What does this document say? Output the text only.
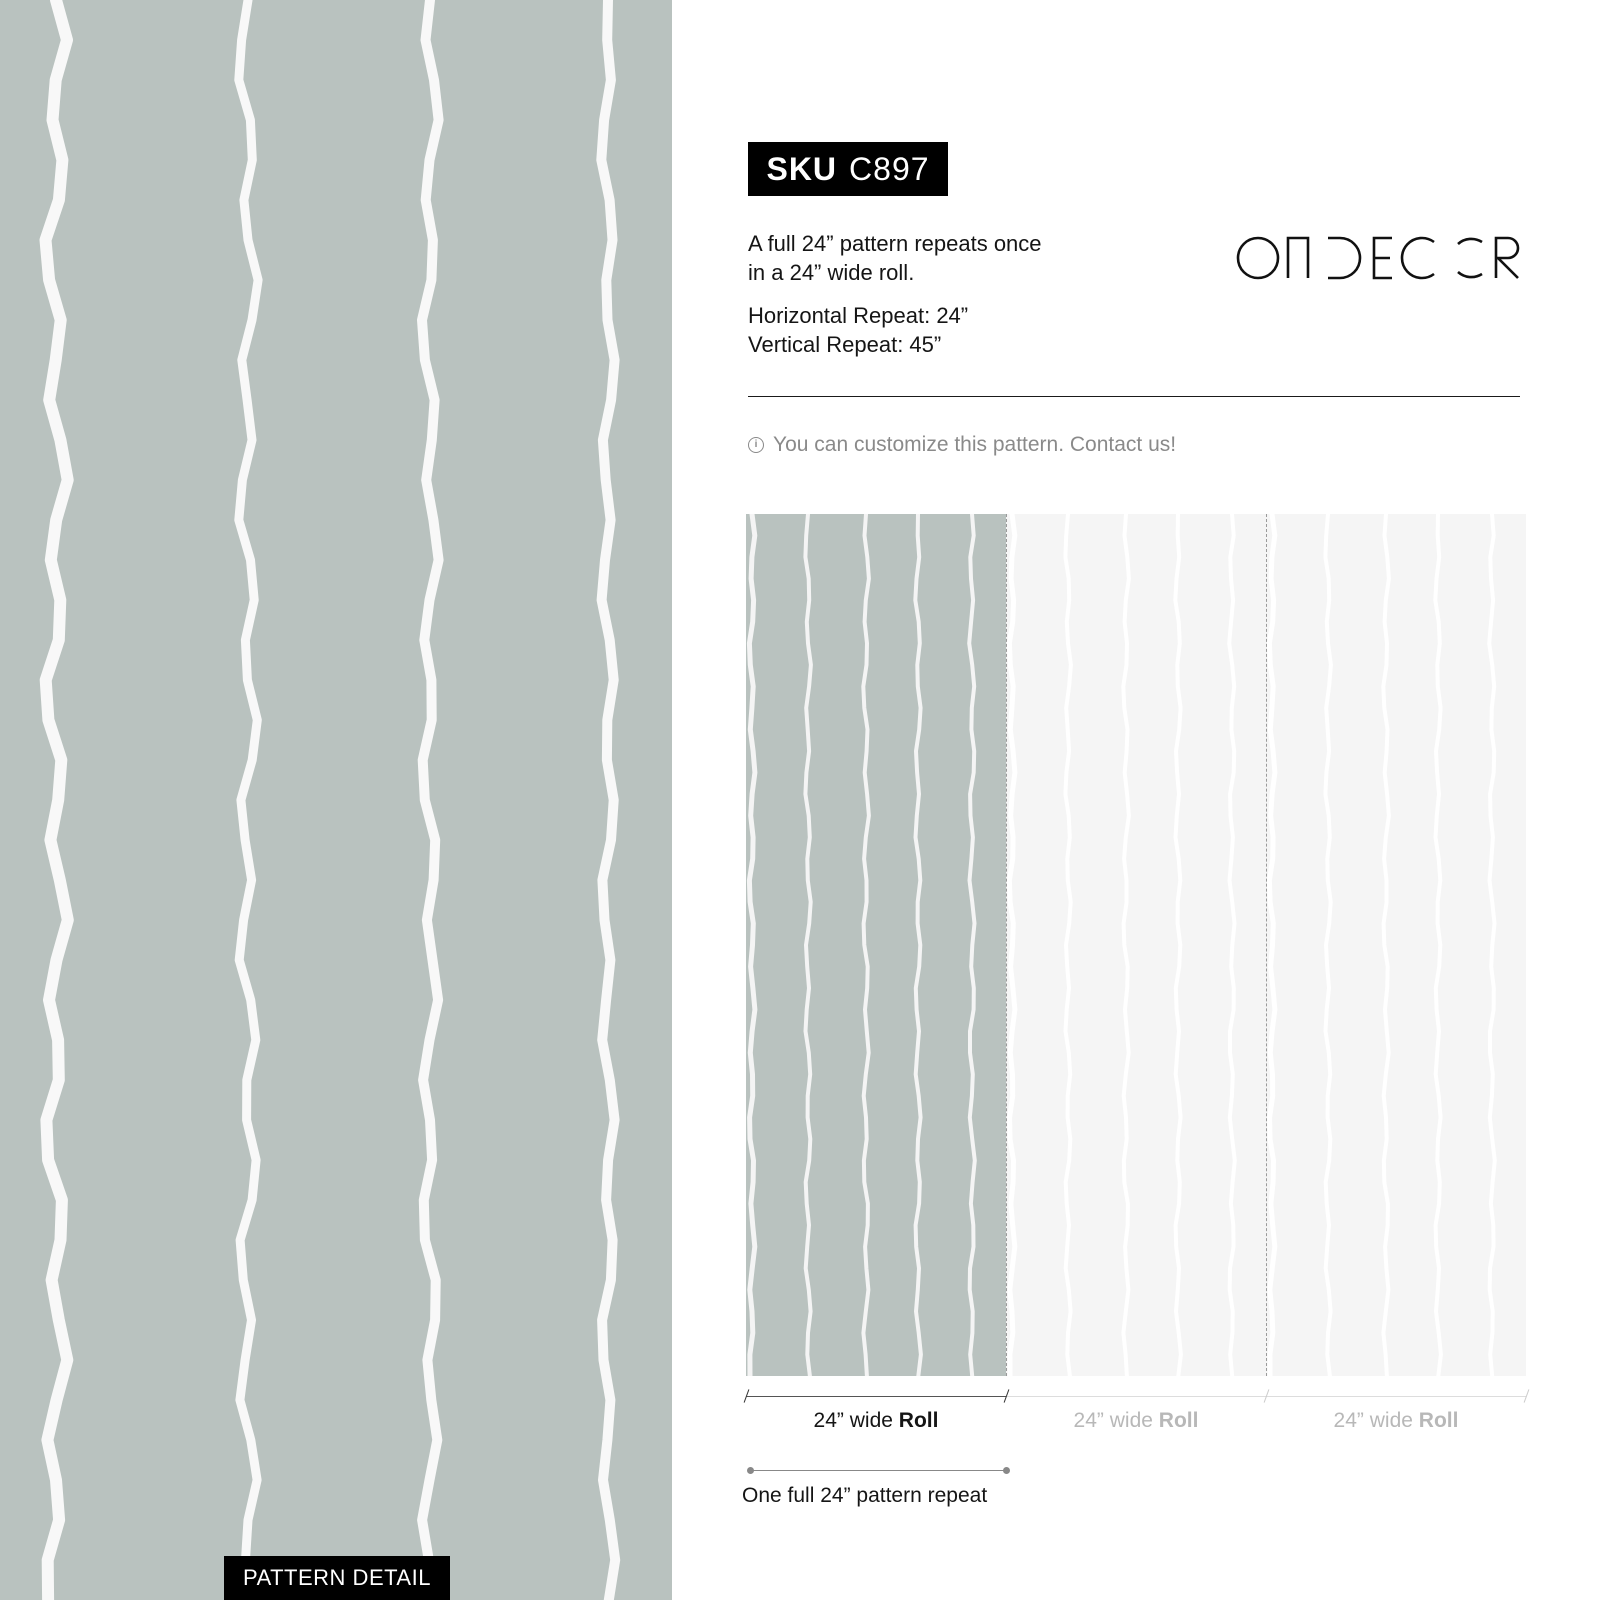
PATTERN DETAIL
SKU C897
A full 24” pattern repeats once
in a 24” wide roll.
Horizontal Repeat: 24”
Vertical Repeat: 45”
i You can customize this pattern. Contact us!
24” wide Roll	24” wide Roll	24” wide Roll
One full 24” pattern repeat
